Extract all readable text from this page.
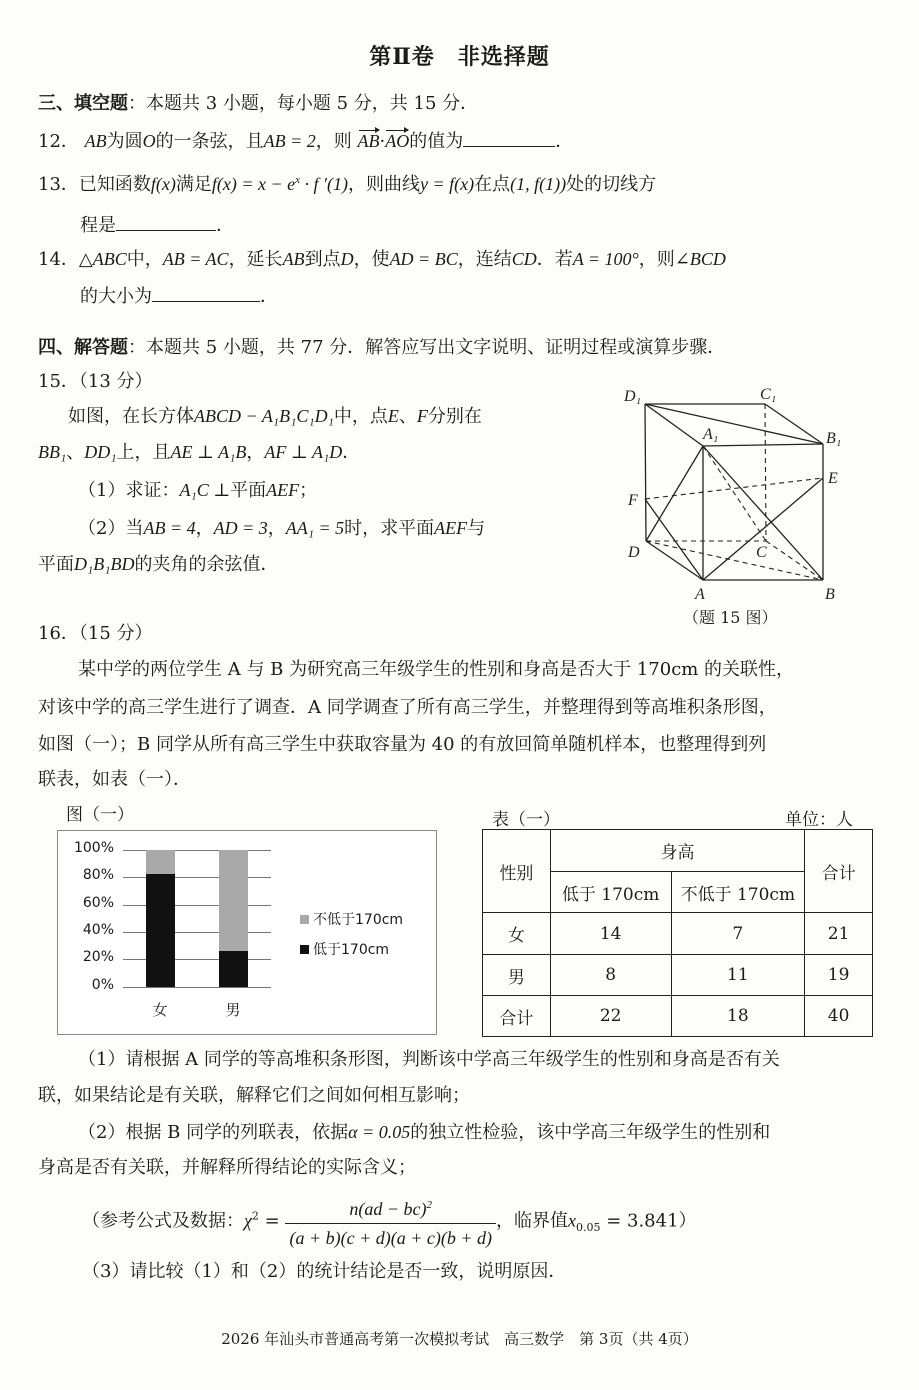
第Ⅱ卷　非选择题
三、填空题：本题共 3 小题，每小题 5 分，共 15 分．
12． AB为圆O的一条弦，且AB = 2，则 AB·AO的值为	．
13．已知函数f(x)满足$f(x) = x - e^x \cdot f$ ′(1)，则曲线y = f(x)在点(1, f(1))处的切线方
程是	．
14．△ABC中，AB = AC，延长AB到点D，使AD = BC，连结CD．若A = 100°，则∠BCD
的大小为	．
四、解答题：本题共 5 小题，共 77 分．解答应写出文字说明、证明过程或演算步骤．
15．（13 分）
如图，在长方体ABCD − A₁B₁C₁D₁中，点E、F分别在
BB₁、DD₁上，且AE ⊥ A₁B，AF ⊥ A₁D．
（1）求证：A₁C ⊥平面AEF；
（2）当AB = 4，AD = 3，AA₁ = 5时，求平面AEF与
平面D₁B₁BD的夹角的余弦值．
D₁	C₁
A₁	B₁
E
F
D	C
A	B
（题 15 图）
16．（15 分）
某中学的两位学生 A 与 B 为研究高三年级学生的性别和身高是否大于 170cm 的关联性，
对该中学的高三学生进行了调查．A 同学调查了所有高三学生，并整理得到等高堆积条形图，
如图（一）；B 同学从所有高三学生中获取容量为 40 的有放回简单随机样本，也整理得到列
联表，如表（一）．
图（一）	表（一）	单位：人
0%
20%
40%
60%
80%
100%
女	男
不低于170cm
低于170cm
性别	身高		合计
	低于 170cm	不低于 170cm	
女	14	7	21
男	8	11	19
合计	22	18	40
（1）请根据 A 同学的等高堆积条形图，判断该中学高三年级学生的性别和身高是否有关
联，如果结论是有关联，解释它们之间如何相互影响；
（2）根据 B 同学的列联表，依据α = 0.05的独立性检验，该中学高三年级学生的性别和
身高是否有关联，并解释所得结论的实际含义；
（参考公式及数据：$\chi^2 = \frac{n(ad - bc)^2}{(a + b)(c + d)(a + c)(b + d)}$ ，临界值$x_{0.05} = 3.841$）
（3）请比较（1）和（2）的统计结论是否一致，说明原因．
2026 年汕头市普通高考第一次模拟考试　高三数学　第 3页（共 4页）
